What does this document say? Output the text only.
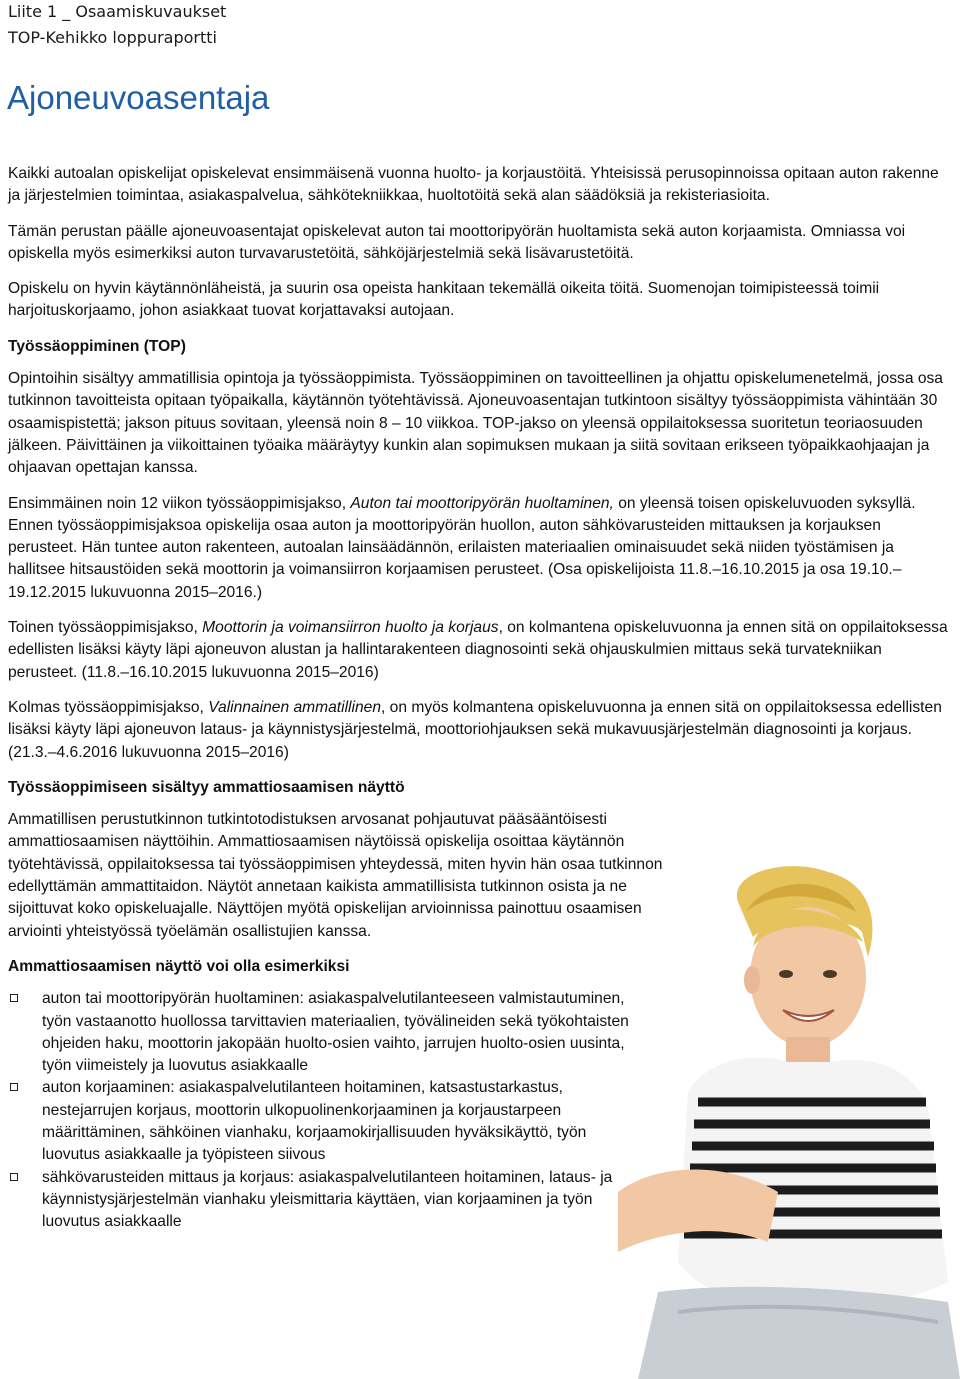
Liite 1 _ Osaamiskuvaukset
TOP-Kehikko loppuraportti
Ajoneuvoasentaja

Kaikki autoalan opiskelijat opiskelevat ensimmäisenä vuonna huolto- ja korjaustöitä. Yhteisissä perusopinnoissa opitaan auton rakenne ja järjestelmien toimintaa, asiakaspalvelua, sähkötekniikkaa, huoltotöitä sekä alan säädöksiä ja rekisteriasioita.

Tämän perustan päälle ajoneuvoasentajat opiskelevat auton tai moottoripyörän huoltamista sekä auton korjaamista. Omniassa voi opiskella myös esimerkiksi auton turvavarustetöitä, sähköjärjestelmiä sekä lisävarustetöitä.

Opiskelu on hyvin käytännönläheistä, ja suurin osa opeista hankitaan tekemällä oikeita töitä. Suomenojan toimipisteessä toimii harjoituskorjaamo, johon asiakkaat tuovat korjattavaksi autojaan.

Työssäoppiminen (TOP)

Opintoihin sisältyy ammatillisia opintoja ja työssäoppimista. Työssäoppiminen on tavoitteellinen ja ohjattu opiskelumenetelmä, jossa osa tutkinnon tavoitteista opitaan työpaikalla, käytännön työtehtävissä. Ajoneuvoasentajan tutkintoon sisältyy työssäoppimista vähintään 30 osaamispistettä; jakson pituus sovitaan, yleensä noin 8 – 10 viikkoa. TOP-jakso on yleensä oppilaitoksessa suoritetun teoriaosuuden jälkeen. Päivittäinen ja viikoittainen työaika määräytyy kunkin alan sopimuksen mukaan ja siitä sovitaan erikseen työpaikkaohjaajan ja ohjaavan opettajan kanssa.

Ensimmäinen noin 12 viikon työssäoppimisjakso, Auton tai moottoripyörän huoltaminen, on yleensä toisen opiskeluvuoden syksyllä. Ennen työssäoppimisjaksoa opiskelija osaa auton ja moottoripyörän huollon, auton sähkövarusteiden mittauksen ja korjauksen perusteet. Hän tuntee auton rakenteen, autoalan lainsäädännön, erilaisten materiaalien ominaisuudet sekä niiden työstämisen ja hallitsee hitsaustöiden sekä moottorin ja voimansiirron korjaamisen perusteet. (Osa opiskelijoista 11.8.–16.10.2015 ja osa 19.10.–19.12.2015 lukuvuonna 2015–2016.)

Toinen työssäoppimisjakso, Moottorin ja voimansiirron huolto ja korjaus, on kolmantena opiskeluvuonna ja ennen sitä on oppilaitoksessa edellisten lisäksi käyty läpi ajoneuvon alustan ja hallintarakenteen diagnosointi sekä ohjauskulmien mittaus sekä turvatekniikan perusteet. (11.8.–16.10.2015 lukuvuonna 2015–2016)

Kolmas työssäoppimisjakso, Valinnainen ammatillinen, on myös kolmantena opiskeluvuonna ja ennen sitä on oppilaitoksessa edellisten lisäksi käyty läpi ajoneuvon lataus- ja käynnistysjärjestelmä, moottoriohjauksen sekä mukavuusjärjestelmän diagnosointi ja korjaus. (21.3.–4.6.2016 lukuvuonna 2015–2016)

Työssäoppimiseen sisältyy ammattiosaamisen näyttö

Ammatillisen perustutkinnon tutkintotodistuksen arvosanat pohjautuvat pääsääntöisesti ammattiosaamisen näyttöihin. Ammattiosaamisen näytöissä opiskelija osoittaa käytännön työtehtävissä, oppilaitoksessa tai työssäoppimisen yhteydessä, miten hyvin hän osaa tutkinnon edellyttämän ammattitaidon. Näytöt annetaan kaikista ammatillisista tutkinnon osista ja ne sijoittuvat koko opiskeluajalle. Näyttöjen myötä opiskelijan arvioinnissa painottuu osaamisen arviointi yhteistyössä työelämän osallistujien kanssa.

Ammattiosaamisen näyttö voi olla esimerkiksi
auton tai moottoripyörän huoltaminen: asiakaspalvelutilanteeseen valmistautuminen, työn vastaanotto huollossa tarvittavien materiaalien, työvälineiden sekä työkohtaisten ohjeiden haku, moottorin jakopään huolto-osien vaihto, jarrujen huolto-osien uusinta, työn viimeistely ja luovutus asiakkaalle
auton korjaaminen: asiakaspalvelutilanteen hoitaminen, katsastustarkastus, nestejarrujen korjaus, moottorin ulkopuolinenkorjaaminen ja korjaustarpeen määrittäminen, sähköinen vianhaku, korjaamokirjallisuuden hyväksikäyttö, työn luovutus asiakkaalle ja työpisteen siivous
sähkövarusteiden mittaus ja korjaus: asiakaspalvelutilanteen hoitaminen, lataus- ja käynnistysjärjestelmän vianhaku yleismittaria käyttäen, vian korjaaminen ja työn luovutus asiakkaalle
